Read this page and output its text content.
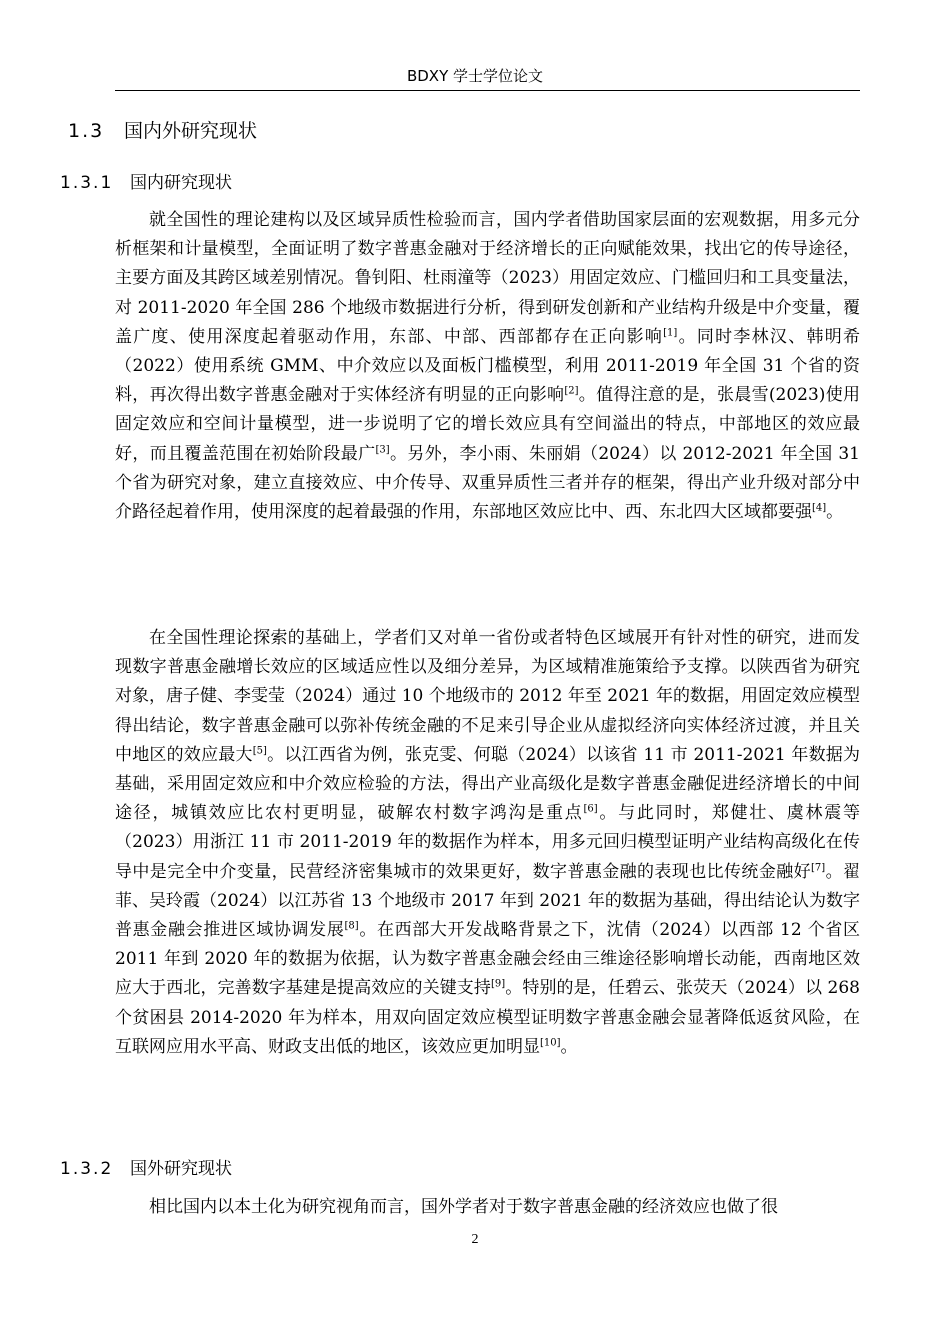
BDXY 学士学位论文
1.3 国内外研究现状
1.3.1 国内研究现状

就全国性的理论建构以及区域异质性检验而言，国内学者借助国家层面的宏观数据，用多元分析框架和计量模型，全面证明了数字普惠金融对于经济增长的正向赋能效果，找出它的传导途径，主要方面及其跨区域差别情况。鲁钊阳、杜雨潼等（2023）用固定效应、门槛回归和工具变量法，对 2011-2020 年全国 286 个地级市数据进行分析，得到研发创新和产业结构升级是中介变量，覆盖广度、使用深度起着驱动作用，东部、中部、西部都存在正向影响[1]。同时李林汉、韩明希（2022）使用系统 GMM、中介效应以及面板门槛模型，利用 2011-2019 年全国 31 个省的资料，再次得出数字普惠金融对于实体经济有明显的正向影响[2]。值得注意的是，张晨雪(2023)使用固定效应和空间计量模型，进一步说明了它的增长效应具有空间溢出的特点，中部地区的效应最好，而且覆盖范围在初始阶段最广[3]。另外，李小雨、朱丽娟（2024）以 2012-2021 年全国 31 个省为研究对象，建立直接效应、中介传导、双重异质性三者并存的框架，得出产业升级对部分中介路径起着作用，使用深度的起着最强的作用，东部地区效应比中、西、东北四大区域都要强[4]。

在全国性理论探索的基础上，学者们又对单一省份或者特色区域展开有针对性的研究，进而发现数字普惠金融增长效应的区域适应性以及细分差异，为区域精准施策给予支撑。以陕西省为研究对象，唐子健、李雯莹（2024）通过 10 个地级市的 2012 年至 2021 年的数据，用固定效应模型得出结论，数字普惠金融可以弥补传统金融的不足来引导企业从虚拟经济向实体经济过渡，并且关中地区的效应最大[5]。以江西省为例，张克雯、何聪（2024）以该省 11 市 2011-2021 年数据为基础，采用固定效应和中介效应检验的方法，得出产业高级化是数字普惠金融促进经济增长的中间途径，城镇效应比农村更明显，破解农村数字鸿沟是重点[6]。与此同时，郑健壮、虞林震等（2023）用浙江 11 市 2011-2019 年的数据作为样本，用多元回归模型证明产业结构高级化在传导中是完全中介变量，民营经济密集城市的效果更好，数字普惠金融的表现也比传统金融好[7]。翟菲、吴玲霞（2024）以江苏省 13 个地级市 2017 年到 2021 年的数据为基础，得出结论认为数字普惠金融会推进区域协调发展[8]。在西部大开发战略背景之下，沈倩（2024）以西部 12 个省区 2011 年到 2020 年的数据为依据，认为数字普惠金融会经由三维途径影响增长动能，西南地区效应大于西北，完善数字基建是提高效应的关键支持[9]。特别的是，任碧云、张荧天（2024）以 268 个贫困县 2014-2020 年为样本，用双向固定效应模型证明数字普惠金融会显著降低返贫风险，在互联网应用水平高、财政支出低的地区，该效应更加明显[10]。

1.3.2 国外研究现状

相比国内以本土化为研究视角而言，国外学者对于数字普惠金融的经济效应也做了很

2
